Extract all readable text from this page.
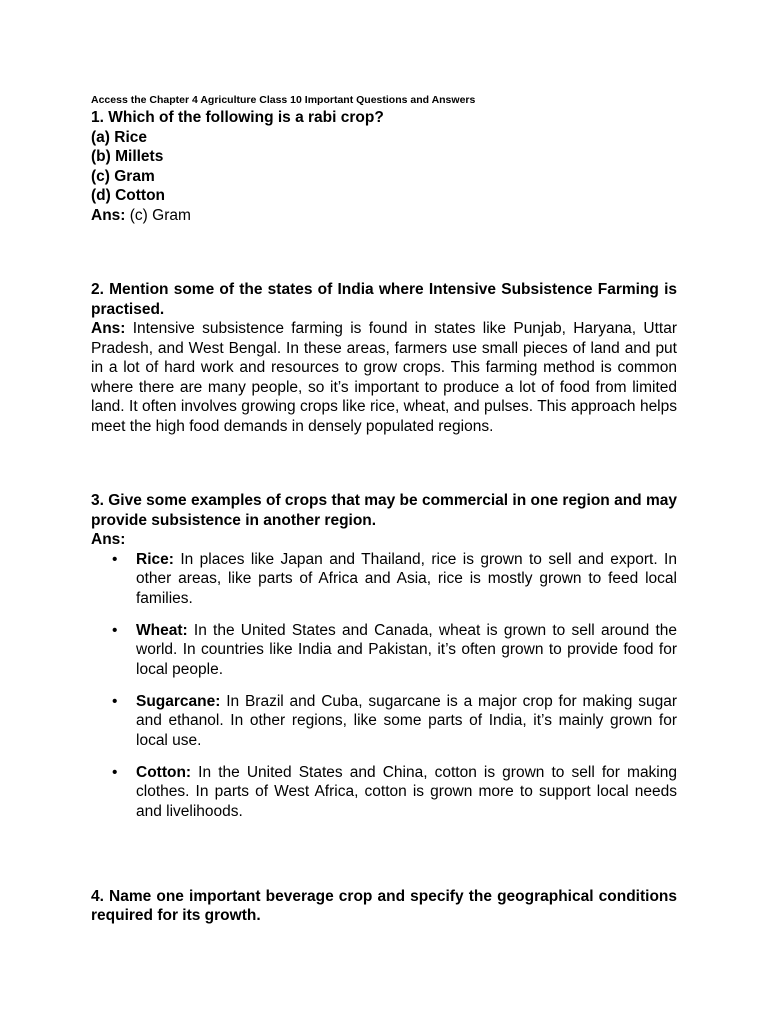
Access the Chapter 4 Agriculture Class 10 Important Questions and Answers

1. Which of the following is a rabi crop?

(a) Rice

(b) Millets

(c) Gram

(d) Cotton

Ans: (c) Gram

2. Mention some of the states of India where Intensive Subsistence Farming is practised.

Ans: Intensive subsistence farming is found in states like Punjab, Haryana, Uttar Pradesh, and West Bengal. In these areas, farmers use small pieces of land and put in a lot of hard work and resources to grow crops. This farming method is common where there are many people, so it’s important to produce a lot of food from limited land. It often involves growing crops like rice, wheat, and pulses. This approach helps meet the high food demands in densely populated regions.

3. Give some examples of crops that may be commercial in one region and may provide subsistence in another region.

Ans:

• Rice: In places like Japan and Thailand, rice is grown to sell and export. In other areas, like parts of Africa and Asia, rice is mostly grown to feed local families.
• Wheat: In the United States and Canada, wheat is grown to sell around the world. In countries like India and Pakistan, it’s often grown to provide food for local people.
• Sugarcane: In Brazil and Cuba, sugarcane is a major crop for making sugar and ethanol. In other regions, like some parts of India, it’s mainly grown for local use.
• Cotton: In the United States and China, cotton is grown to sell for making clothes. In parts of West Africa, cotton is grown more to support local needs and livelihoods.

4. Name one important beverage crop and specify the geographical conditions required for its growth.
